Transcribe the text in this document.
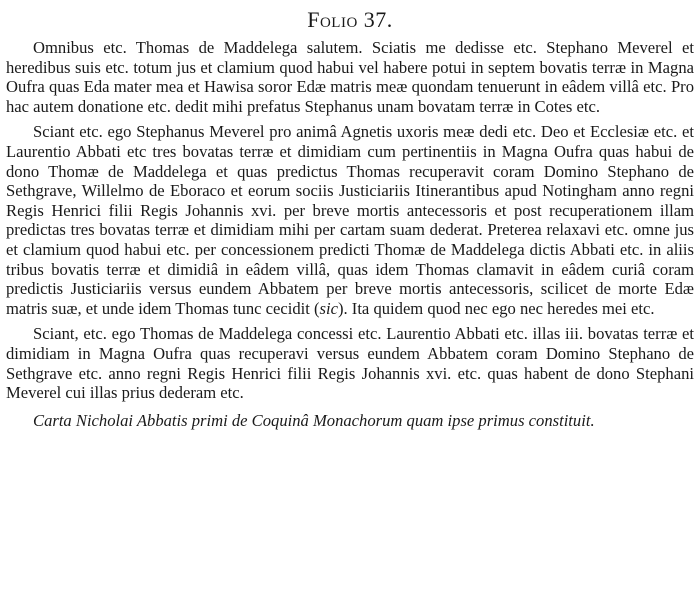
Folio 37.

Omnibus etc. Thomas de Maddelega salutem. Sciatis me dedisse etc. Stephano Meverel et heredibus suis etc. totum jus et clamium quod habui vel habere potui in septem bovatis terræ in Magna Oufra quas Eda mater mea et Hawisa soror Edæ matris meæ quondam tenuerunt in eâdem villâ etc. Pro hac autem donatione etc. dedit mihi prefatus Stephanus unam bovatam terræ in Cotes etc.

Sciant etc. ego Stephanus Meverel pro animâ Agnetis uxoris meæ dedi etc. Deo et Ecclesiæ etc. et Laurentio Abbati etc tres bovatas terræ et dimidiam cum pertinentiis in Magna Oufra quas habui de dono Thomæ de Maddelega et quas predictus Thomas recuperavit coram Domino Stephano de Sethgrave, Willelmo de Eboraco et eorum sociis Justiciariis Itinerantibus apud Notingham anno regni Regis Henrici filii Regis Johannis xvi. per breve mortis antecessoris et post recuperationem illam predictas tres bovatas terræ et dimidiam mihi per cartam suam dederat. Preterea relaxavi etc. omne jus et clamium quod habui etc. per concessionem predicti Thomæ de Maddelega dictis Abbati etc. in aliis tribus bovatis terræ et dimidiâ in eâdem villâ, quas idem Thomas clamavit in eâdem curiâ coram predictis Justiciariis versus eundem Abbatem per breve mortis antecessoris, scilicet de morte Edæ matris suæ, et unde idem Thomas tunc cecidit (sic). Ita quidem quod nec ego nec heredes mei etc.

Sciant, etc. ego Thomas de Maddelega concessi etc. Laurentio Abbati etc. illas iii. bovatas terræ et dimidiam in Magna Oufra quas recuperavi versus eundem Abbatem coram Domino Stephano de Sethgrave etc. anno regni Regis Henrici filii Regis Johannis xvi. etc. quas habent de dono Stephani Meverel cui illas prius dederam etc.

Carta Nicholai Abbatis primi de Coquinâ Monachorum quam ipse primus constituit.
